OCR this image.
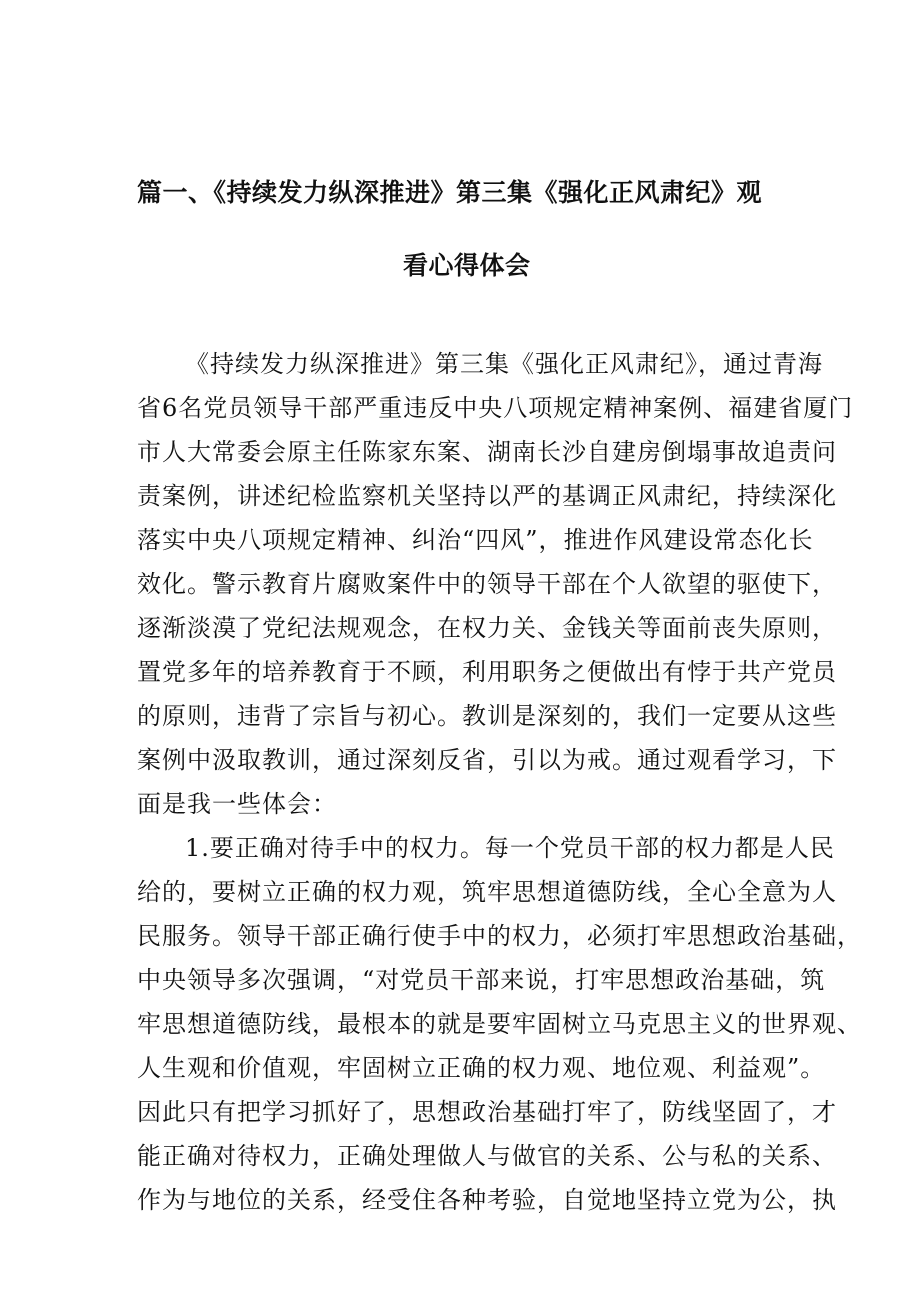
篇一、《持续发力纵深推进》第三集《强化正风肃纪》观
看心得体会

《持续发力纵深推进》第三集《强化正风肃纪》，通过青海

省6名党员领导干部严重违反中央八项规定精神案例、福建省厦门

市人大常委会原主任陈家东案、湖南长沙自建房倒塌事故追责问

责案例，讲述纪检监察机关坚持以严的基调正风肃纪，持续深化

落实中央八项规定精神、纠治“四风”，推进作风建设常态化长

效化。警示教育片腐败案件中的领导干部在个人欲望的驱使下，

逐渐淡漠了党纪法规观念，在权力关、金钱关等面前丧失原则，

置党多年的培养教育于不顾，利用职务之便做出有悖于共产党员

的原则，违背了宗旨与初心。教训是深刻的，我们一定要从这些

案例中汲取教训，通过深刻反省，引以为戒。通过观看学习，下

面是我一些体会：

1.要正确对待手中的权力。每一个党员干部的权力都是人民

给的，要树立正确的权力观，筑牢思想道德防线，全心全意为人

民服务。领导干部正确行使手中的权力，必须打牢思想政治基础，

中央领导多次强调，“对党员干部来说，打牢思想政治基础，筑

牢思想道德防线，最根本的就是要牢固树立马克思主义的世界观、

人生观和价值观，牢固树立正确的权力观、地位观、利益观”。

因此只有把学习抓好了，思想政治基础打牢了，防线坚固了，才

能正确对待权力，正确处理做人与做官的关系、公与私的关系、

作为与地位的关系，经受住各种考验，自觉地坚持立党为公，执
